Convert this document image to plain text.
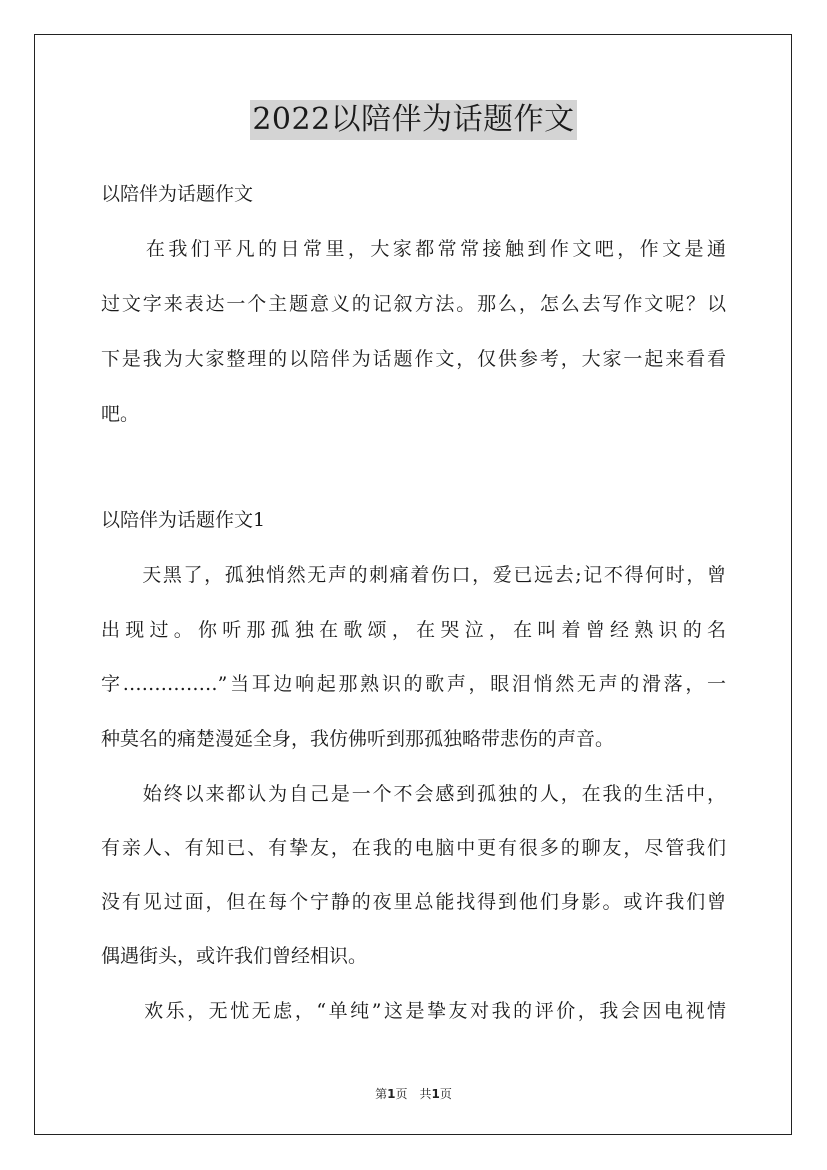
2022以陪伴为话题作文
以陪伴为话题作文
　　在我们平凡的日常里，大家都常常接触到作文吧，作文是通
过文字来表达一个主题意义的记叙方法。那么，怎么去写作文呢？以
下是我为大家整理的以陪伴为话题作文，仅供参考，大家一起来看看
吧。
以陪伴为话题作文1
　　天黑了，孤独悄然无声的刺痛着伤口，爱已远去;记不得何时，曾
出现过。你听那孤独在歌颂，在哭泣，在叫着曾经熟识的名
字……………”当耳边响起那熟识的歌声，眼泪悄然无声的滑落，一
种莫名的痛楚漫延全身，我仿佛听到那孤独略带悲伤的声音。
　　始终以来都认为自己是一个不会感到孤独的人，在我的生活中，
有亲人、有知已、有挚友，在我的电脑中更有很多的聊友，尽管我们
没有见过面，但在每个宁静的夜里总能找得到他们身影。或许我们曾
偶遇街头，或许我们曾经相识。
　　欢乐，无忧无虑，“单纯”这是挚友对我的评价，我会因电视情
第1页　共1页
